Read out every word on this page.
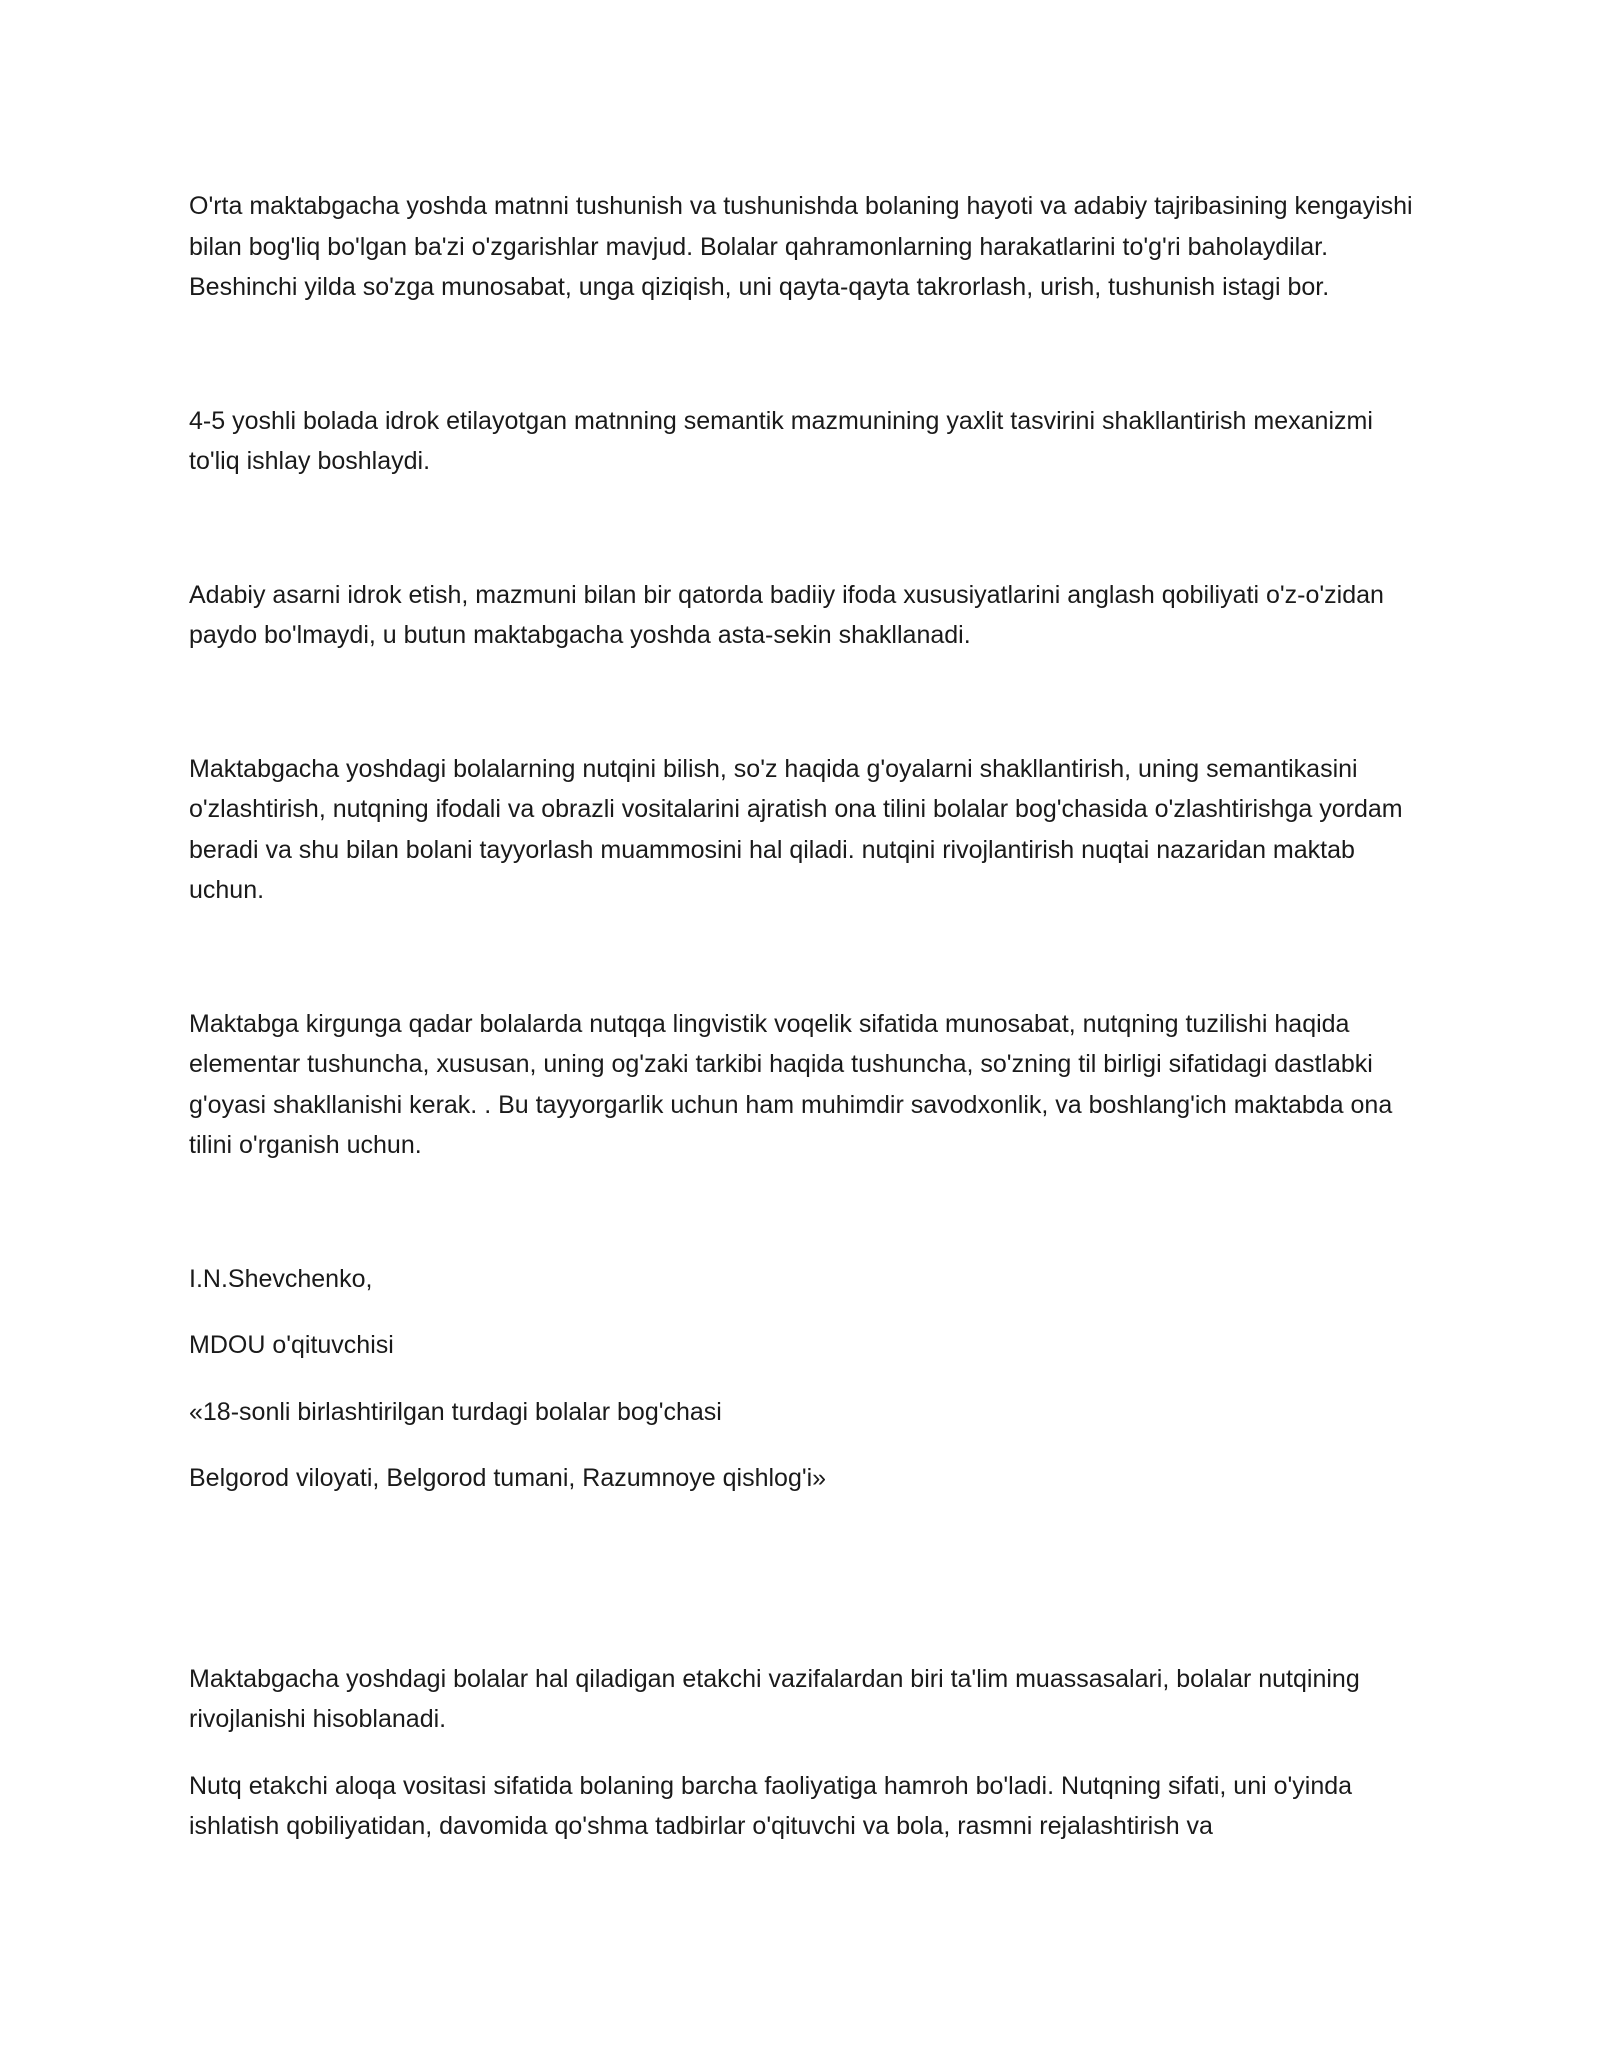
O'rta maktabgacha yoshda matnni tushunish va tushunishda bolaning hayoti va adabiy tajribasining kengayishi bilan bog'liq bo'lgan ba'zi o'zgarishlar mavjud. Bolalar qahramonlarning harakatlarini to'g'ri baholaydilar. Beshinchi yilda so'zga munosabat, unga qiziqish, uni qayta-qayta takrorlash, urish, tushunish istagi bor.

4-5 yoshli bolada idrok etilayotgan matnning semantik mazmunining yaxlit tasvirini shakllantirish mexanizmi to'liq ishlay boshlaydi.

Adabiy asarni idrok etish, mazmuni bilan bir qatorda badiiy ifoda xususiyatlarini anglash qobiliyati o'z-o'zidan paydo bo'lmaydi, u butun maktabgacha yoshda asta-sekin shakllanadi.

Maktabgacha yoshdagi bolalarning nutqini bilish, so'z haqida g'oyalarni shakllantirish, uning semantikasini o'zlashtirish, nutqning ifodali va obrazli vositalarini ajratish ona tilini bolalar bog'chasida o'zlashtirishga yordam beradi va shu bilan bolani tayyorlash muammosini hal qiladi. nutqini rivojlantirish nuqtai nazaridan maktab uchun.

Maktabga kirgunga qadar bolalarda nutqqa lingvistik voqelik sifatida munosabat, nutqning tuzilishi haqida elementar tushuncha, xususan, uning og'zaki tarkibi haqida tushuncha, so'zning til birligi sifatidagi dastlabki g'oyasi shakllanishi kerak. . Bu tayyorgarlik uchun ham muhimdir savodxonlik, va boshlang'ich maktabda ona tilini o'rganish uchun.

I.N.Shevchenko,

MDOU o'qituvchisi

«18-sonli birlashtirilgan turdagi bolalar bog'chasi

Belgorod viloyati, Belgorod tumani, Razumnoye qishlog'i»

Maktabgacha yoshdagi bolalar hal qiladigan etakchi vazifalardan biri ta'lim muassasalari, bolalar nutqining rivojlanishi hisoblanadi.

Nutq etakchi aloqa vositasi sifatida bolaning barcha faoliyatiga hamroh bo'ladi. Nutqning sifati, uni o'yinda ishlatish qobiliyatidan, davomida qo'shma tadbirlar o'qituvchi va bola, rasmni rejalashtirish va
